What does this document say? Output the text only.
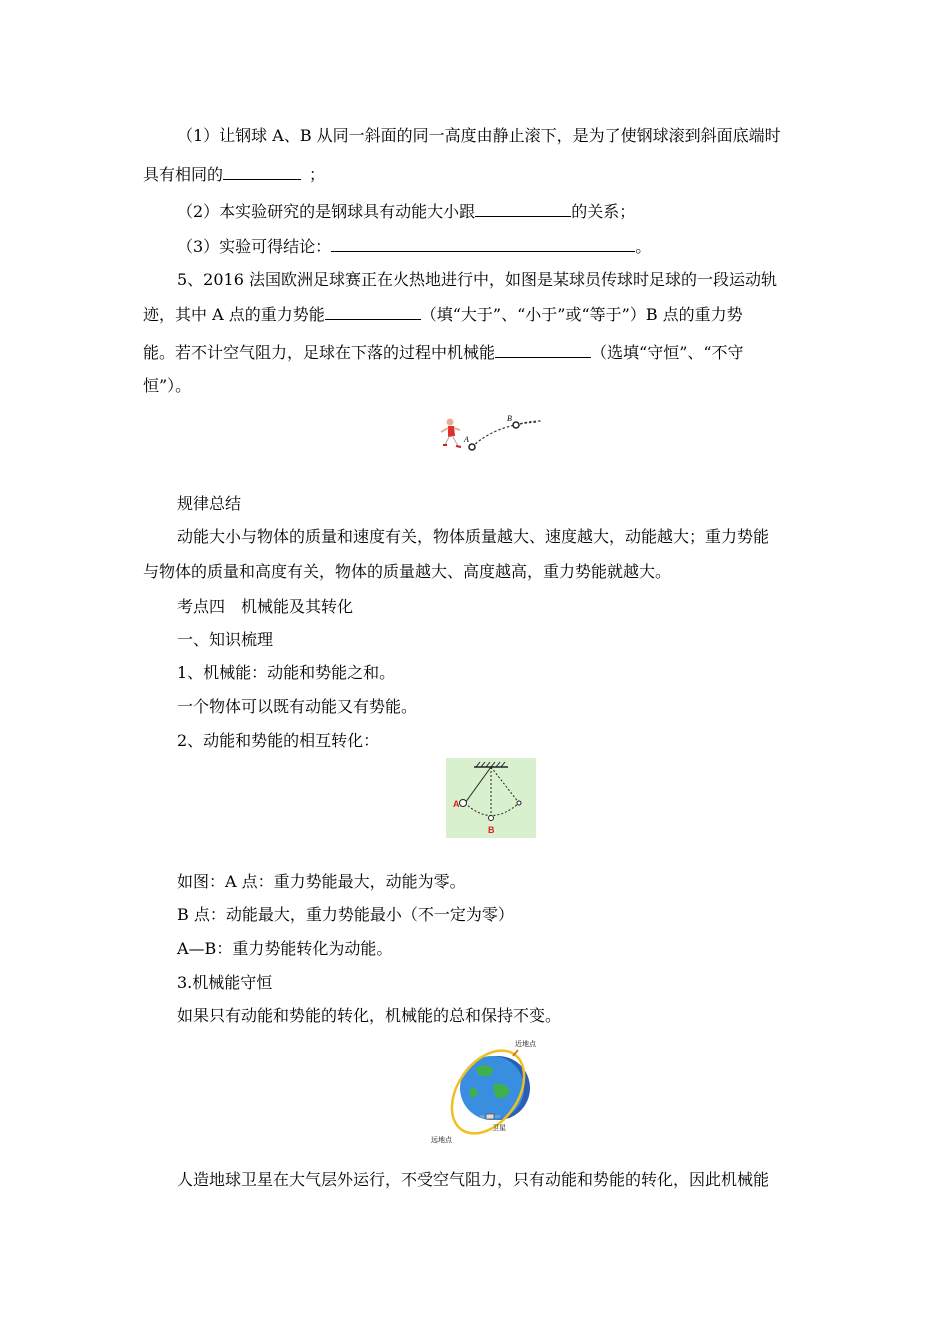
（1）让钢球 A、B 从同一斜面的同一高度由静止滚下，是为了使钢球滚到斜面底端时
具有相同的	；
（2）本实验研究的是钢球具有动能大小跟	的关系；
（3）实验可得结论：	。
5、2016 法国欧洲足球赛正在火热地进行中，如图是某球员传球时足球的一段运动轨
迹，其中 A 点的重力势能	（填“大于”、“小于”或“等于”）B 点的重力势
能。若不计空气阻力，足球在下落的过程中机械能	（选填“守恒”、“不守
恒”）。
A
B
规律总结
动能大小与物体的质量和速度有关，物体质量越大、速度越大，动能越大；重力势能
与物体的质量和高度有关，物体的质量越大、高度越高，重力势能就越大。
考点四　机械能及其转化
一、知识梳理
1、机械能：动能和势能之和。
一个物体可以既有动能又有势能。
2、动能和势能的相互转化：
A
B
如图：A 点：重力势能最大，动能为零。
B 点：动能最大，重力势能最小（不一定为零）
A—B：重力势能转化为动能。
3.机械能守恒
如果只有动能和势能的转化，机械能的总和保持不变。
近地点
远地点
卫星
人造地球卫星在大气层外运行，不受空气阻力，只有动能和势能的转化，因此机械能
